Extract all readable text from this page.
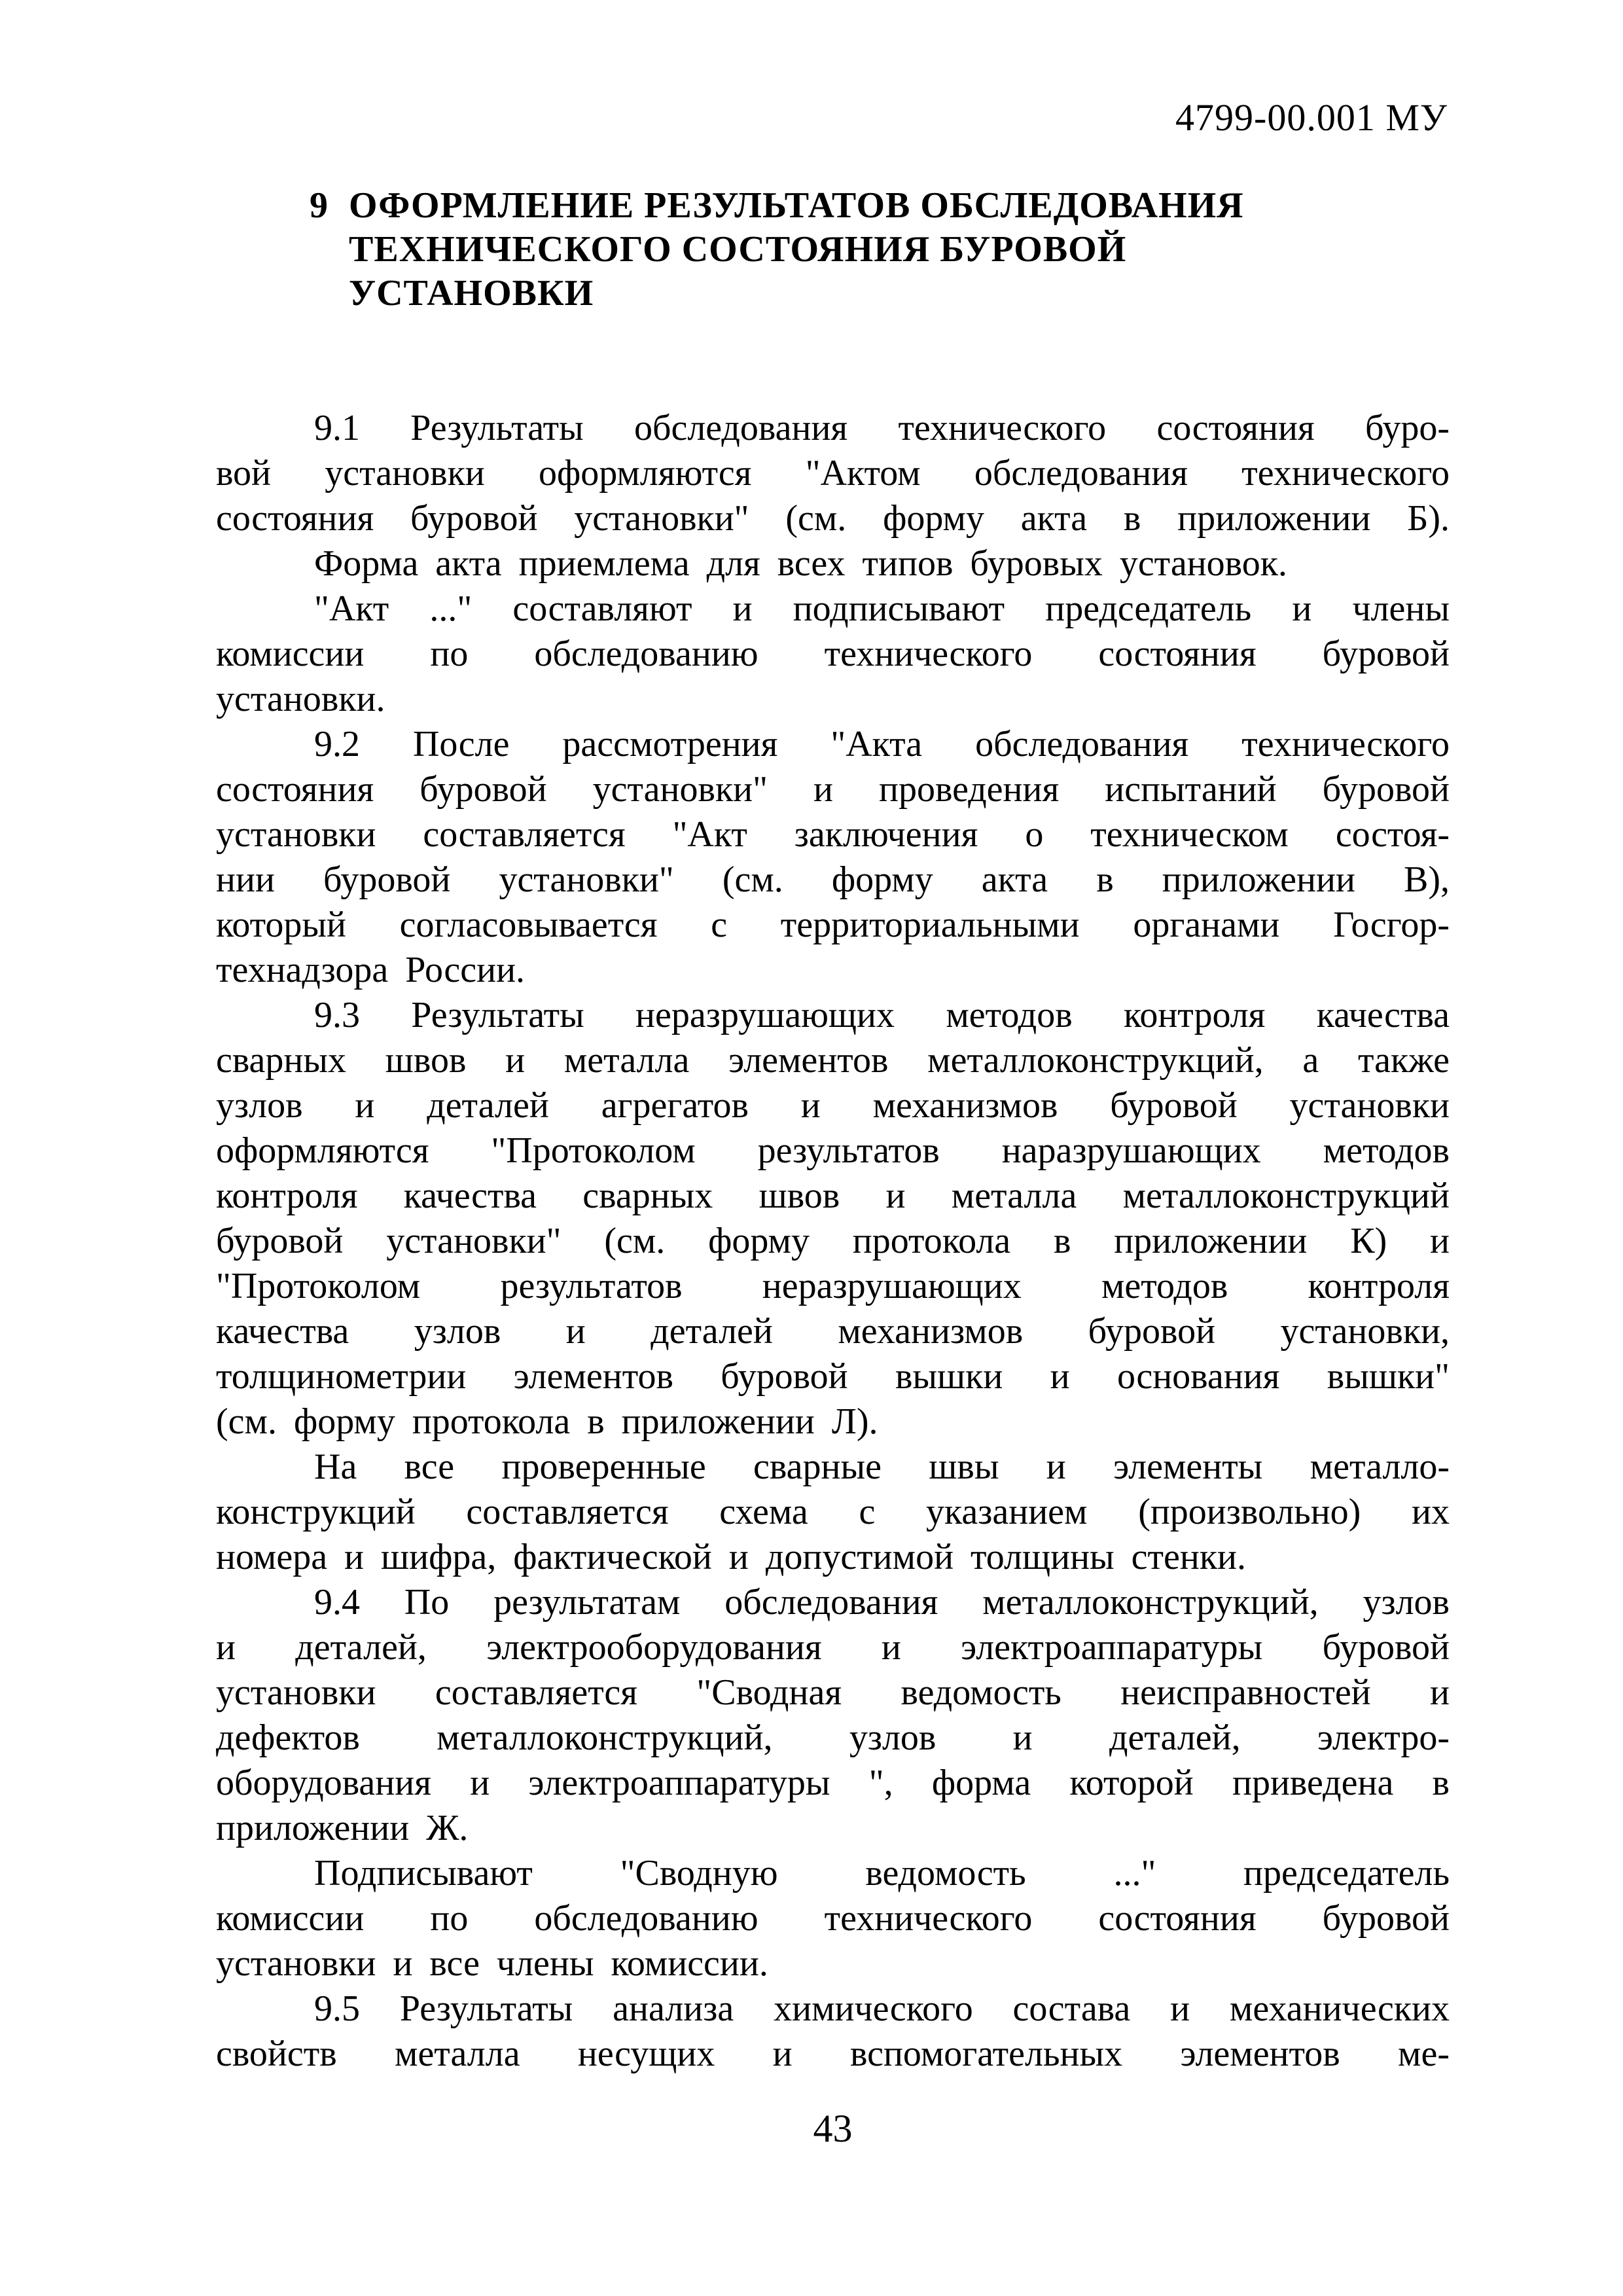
4799-00.001 МУ
9 ОФОРМЛЕНИЕ РЕЗУЛЬТАТОВ ОБСЛЕДОВАНИЯ
ТЕХНИЧЕСКОГО СОСТОЯНИЯ БУРОВОЙ
УСТАНОВКИ
9.1 Результаты обследования технического состояния буро-
вой установки оформляются "Актом обследования технического
состояния буровой установки" (см. форму акта в приложении Б).
Форма акта приемлема для всех типов буровых установок.
"Акт ..." составляют и подписывают председатель и члены
комиссии по обследованию технического состояния буровой
установки.
9.2 После рассмотрения "Акта обследования технического
состояния буровой установки" и проведения испытаний буровой
установки составляется "Акт заключения о техническом состоя-
нии буровой установки" (см. форму акта в приложении В),
который согласовывается с территориальными органами Госгор-
технадзора России.
9.3 Результаты неразрушающих методов контроля качества
сварных швов и металла элементов металлоконструкций, а также
узлов и деталей агрегатов и механизмов буровой установки
оформляются "Протоколом результатов наразрушающих методов
контроля качества сварных швов и металла металлоконструкций
буровой установки" (см. форму протокола в приложении К) и
"Протоколом результатов неразрушающих методов контроля
качества узлов и деталей механизмов буровой установки,
толщинометрии элементов буровой вышки и основания вышки"
(см. форму протокола в приложении Л).
На все проверенные сварные швы и элементы металло-
конструкций составляется схема с указанием (произвольно) их
номера и шифра, фактической и допустимой толщины стенки.
9.4 По результатам обследования металлоконструкций, узлов
и деталей, электрооборудования и электроаппаратуры буровой
установки составляется "Сводная ведомость неисправностей и
дефектов металлоконструкций, узлов и деталей, электро-
оборудования и электроаппаратуры ", форма которой приведена в
приложении Ж.
Подписывают "Сводную ведомость ..." председатель
комиссии по обследованию технического состояния буровой
установки и все члены комиссии.
9.5 Результаты анализа химического состава и механических
свойств металла несущих и вспомогательных элементов ме-
43
